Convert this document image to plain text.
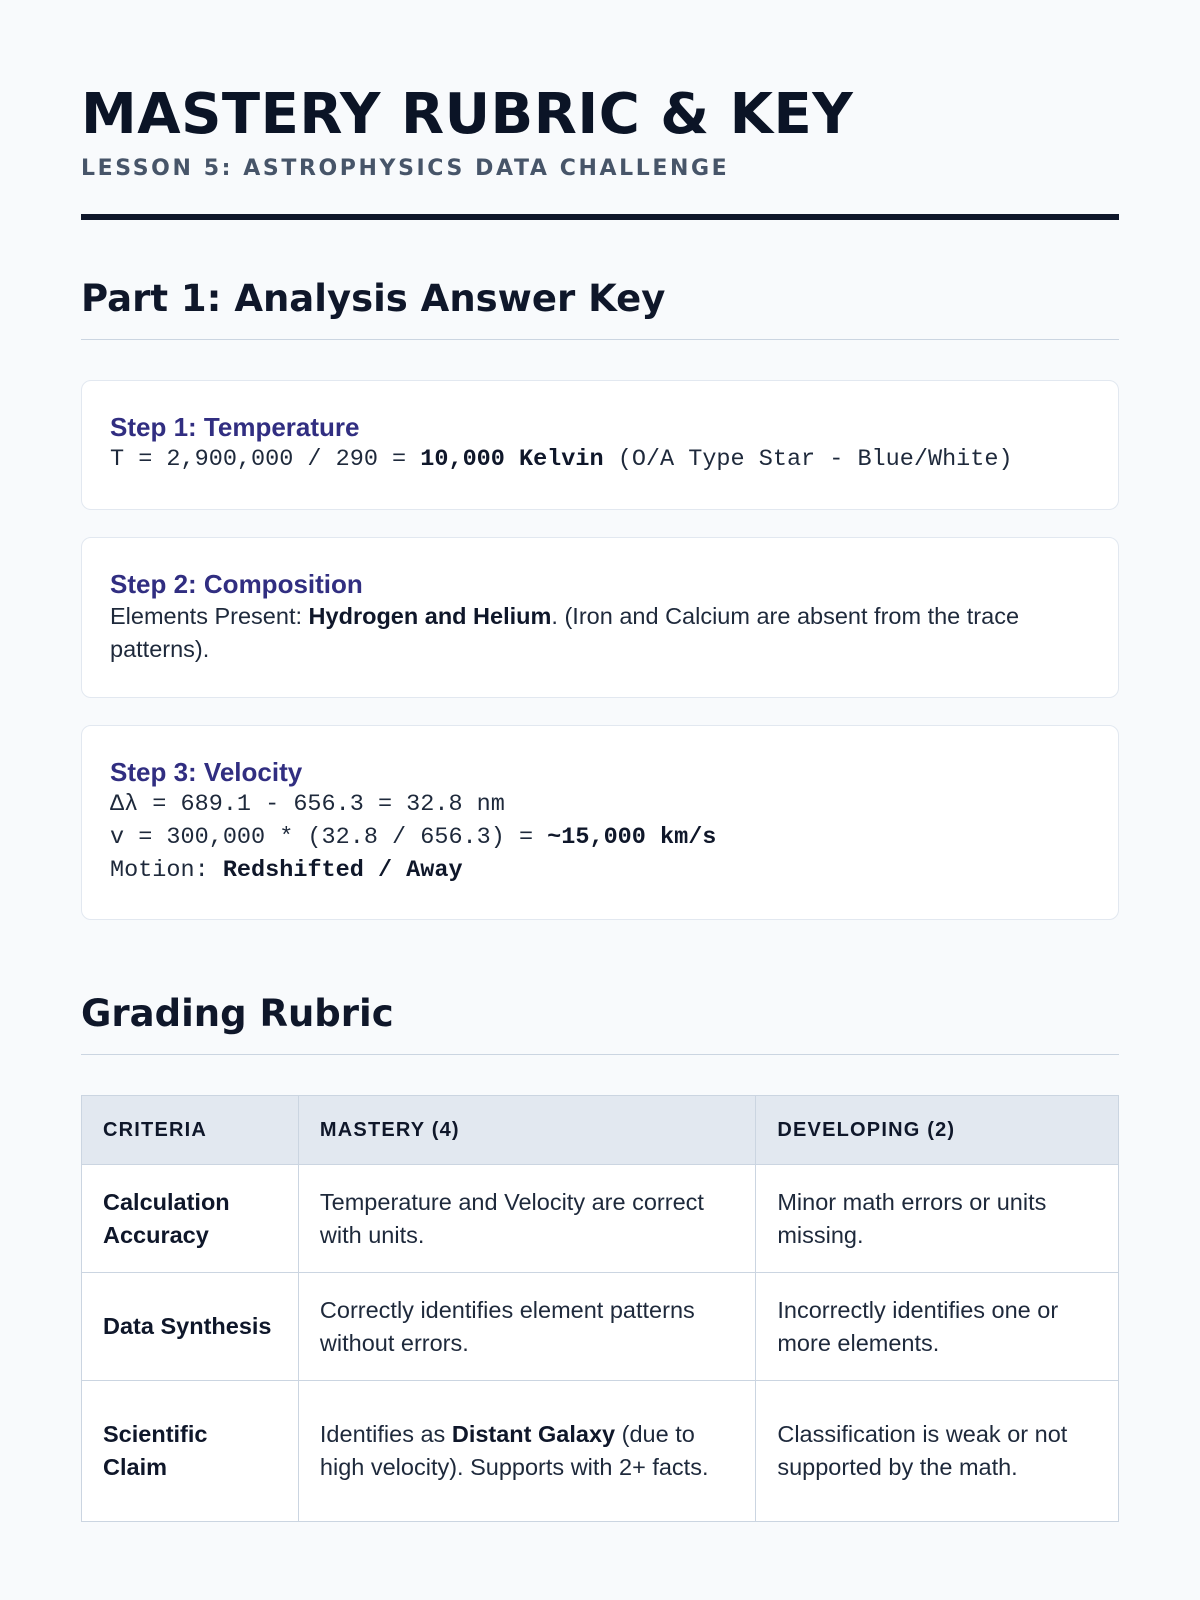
MASTERY RUBRIC & KEY
LESSON 5: ASTROPHYSICS DATA CHALLENGE
Part 1: Analysis Answer Key
Step 1: Temperature
T = 2,900,000 / 290 = 10,000 Kelvin (O/A Type Star - Blue/White)
Step 2: Composition
Elements Present: Hydrogen and Helium. (Iron and Calcium are absent from the trace patterns).
Step 3: Velocity
Δλ = 689.1 - 656.3 = 32.8 nm
v = 300,000 * (32.8 / 656.3) = ~15,000 km/s
Motion: Redshifted / Away
Grading Rubric
CRITERIA	MASTERY (4)	DEVELOPING (2)
Calculation Accuracy	Temperature and Velocity are correct with units.	Minor math errors or units missing.
Data Synthesis	Correctly identifies element patterns without errors.	Incorrectly identifies one or more elements.
Scientific Claim	Identifies as Distant Galaxy (due to high velocity). Supports with 2+ facts.	Classification is weak or not supported by the math.
